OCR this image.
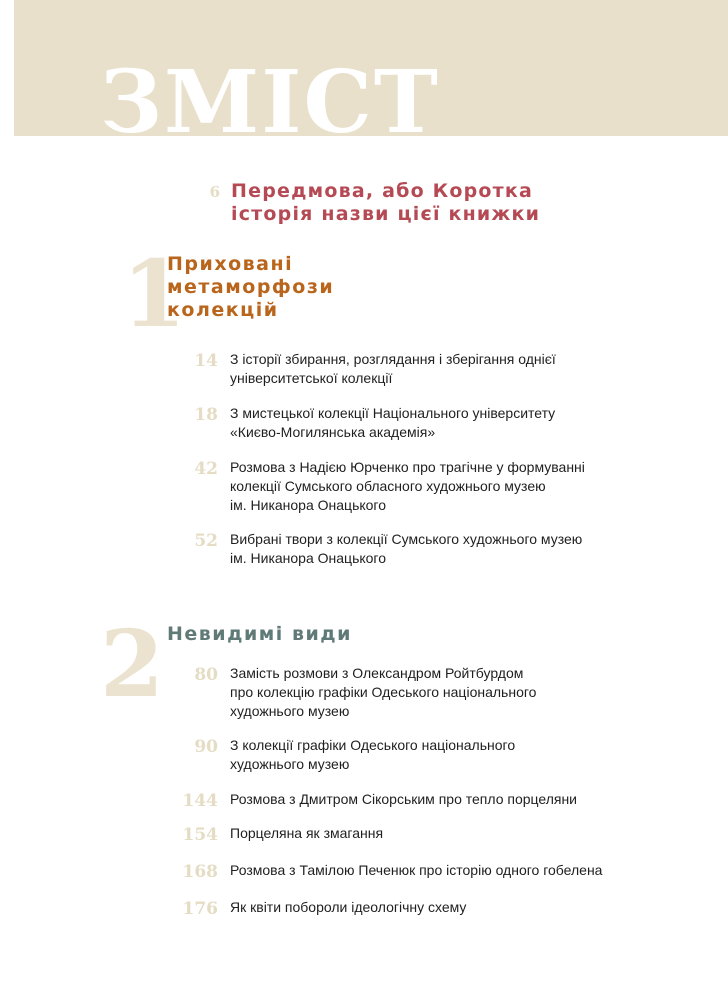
ЗМІСТ
6 Передмова, або Коротка
історія назви цієї книжки
1
Приховані
метаморфози
колекцій
14 З історії збирання, розглядання і зберігання однієї
університетської колекції
18 З мистецької колекції Національного університету
«Києво-Могилянська академія»
42 Розмова з Надією Юрченко про трагічне у формуванні
колекції Сумського обласного художнього музею
ім. Никанора Онацького
52 Вибрані твори з колекції Сумського художнього музею
ім. Никанора Онацького
2 Невидимі види
80 Замість розмови з Олександром Ройтбурдом
про колекцію графіки Одеського національного
художнього музею
90 З колекції графіки Одеського національного
художнього музею
144 Розмова з Дмитром Сікорським про тепло порцеляни
154 Порцеляна як змагання
168 Розмова з Тамілою Печенюк про історію одного гобелена
176 Як квіти побороли ідеологічну схему
